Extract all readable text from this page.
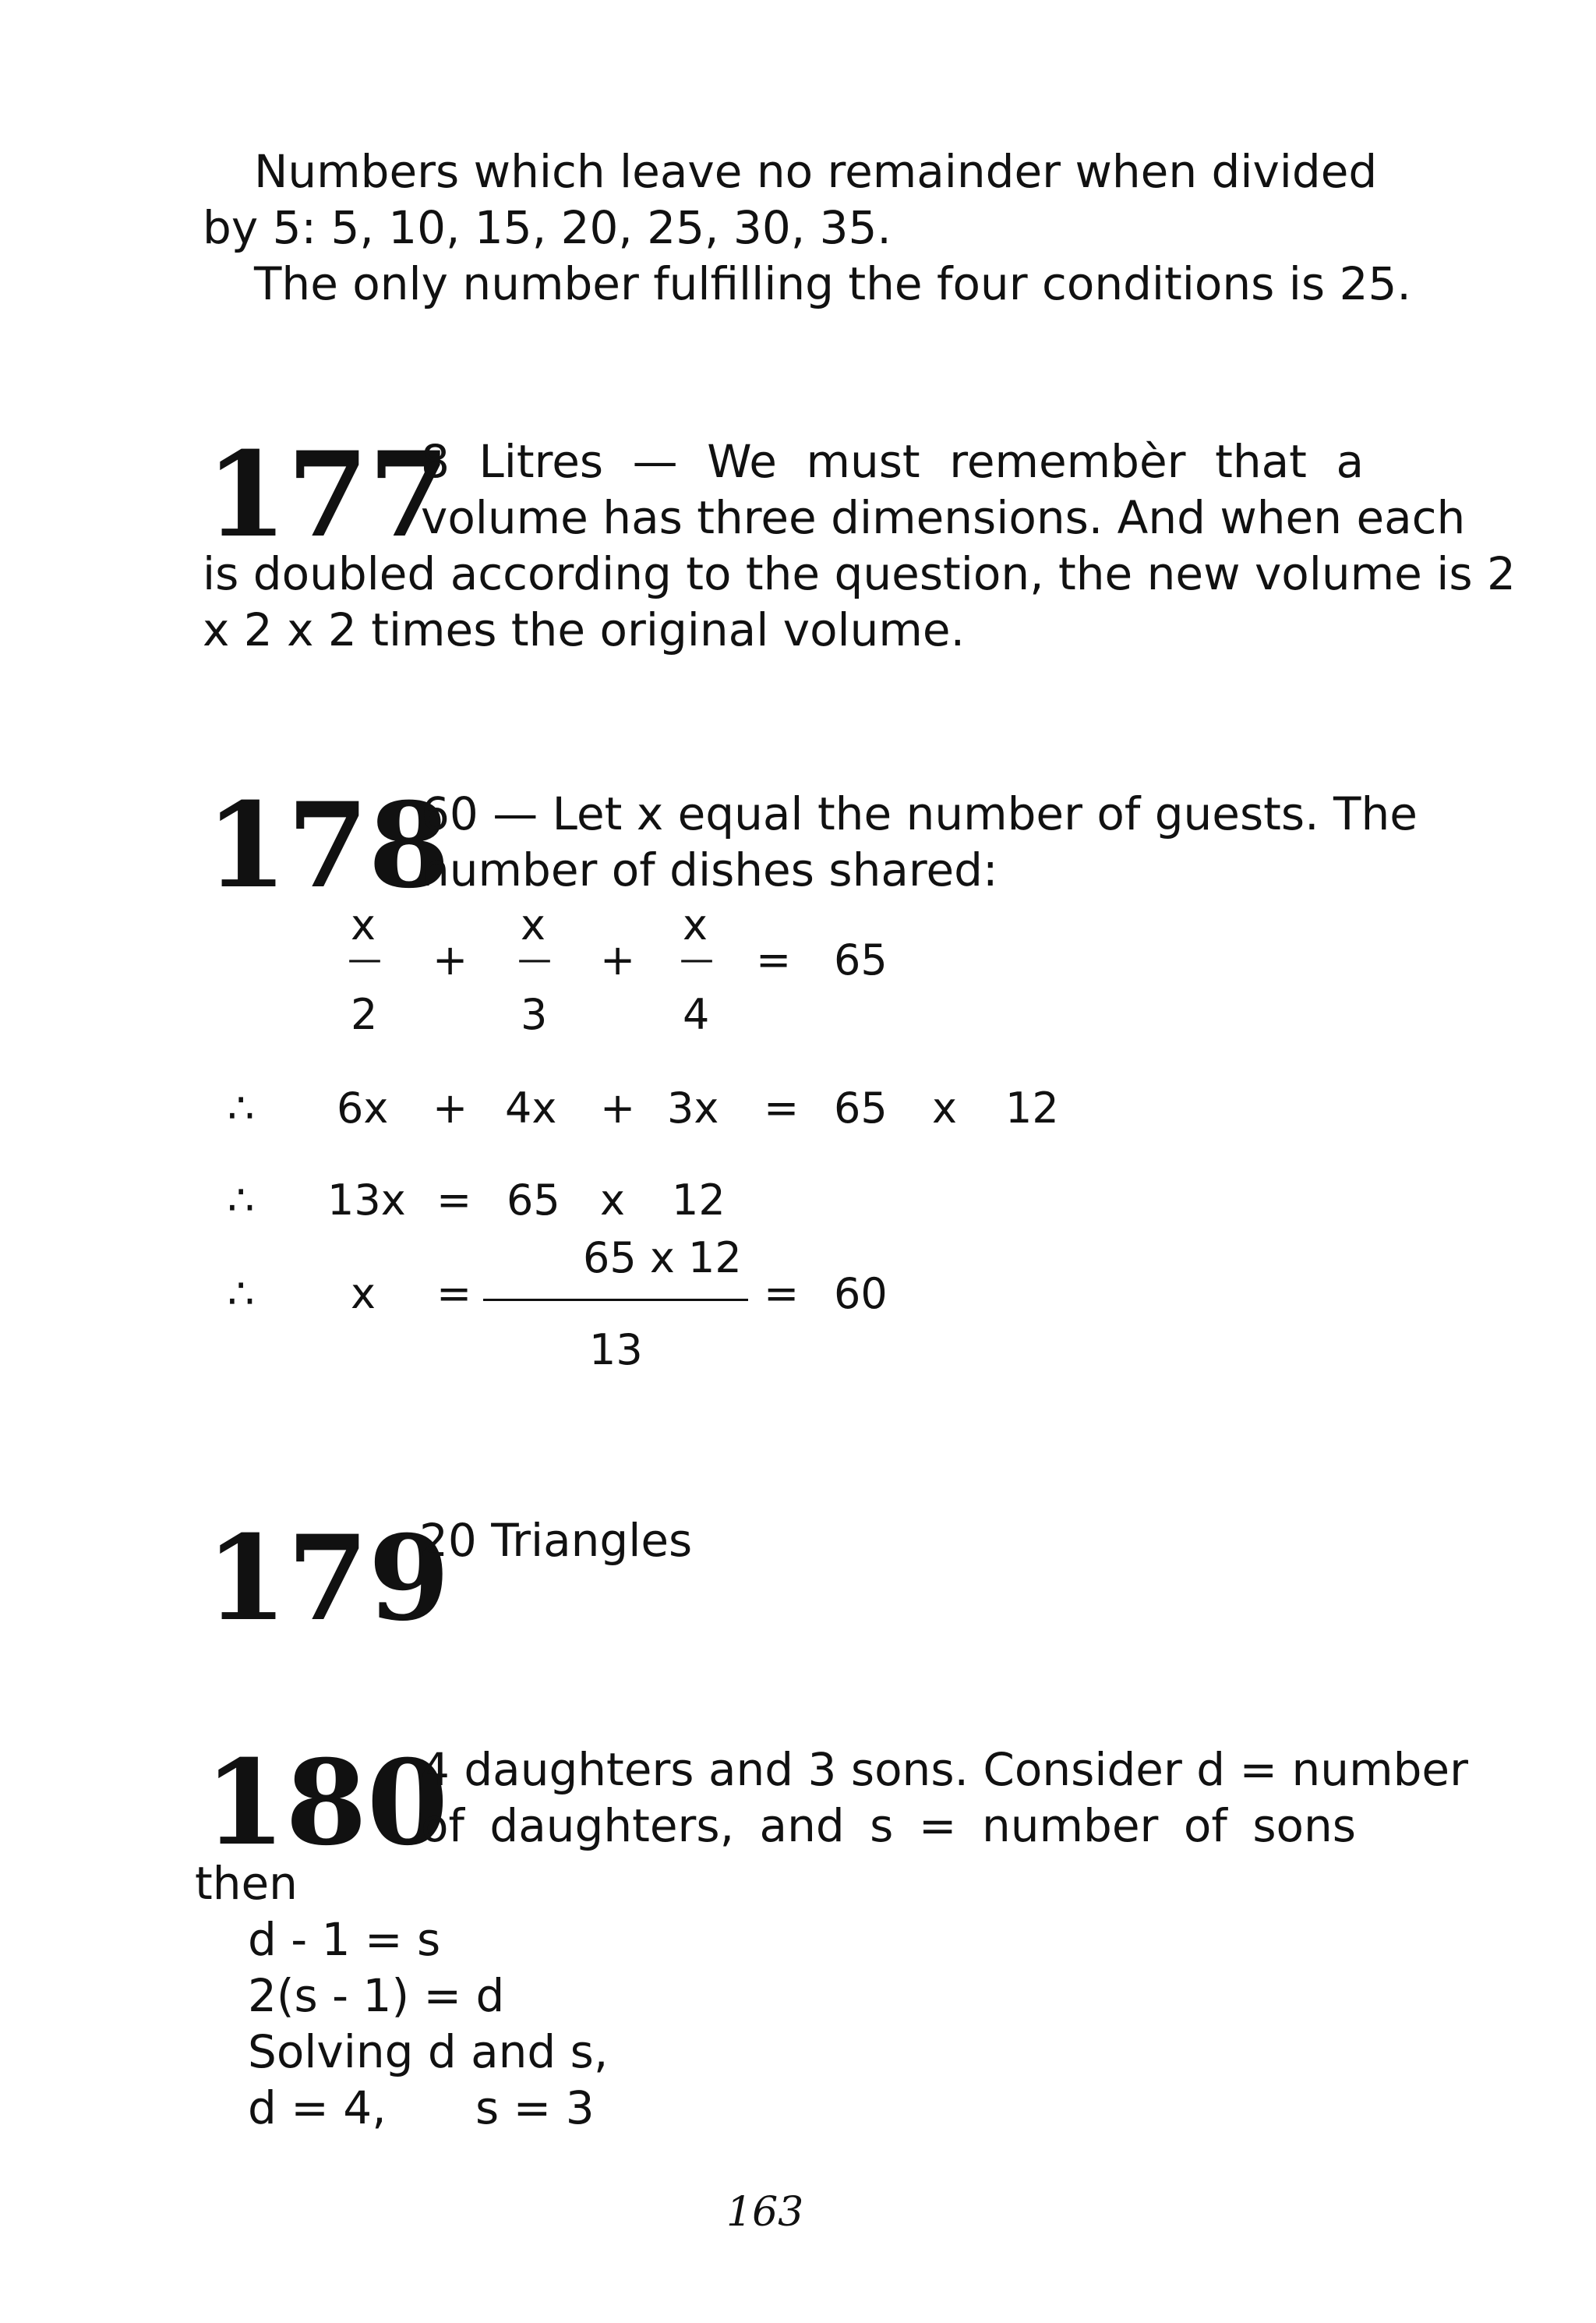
Numbers which leave no remainder when divided
by 5: 5, 10, 15, 20, 25, 30, 35.
The only number fulfilling the four conditions is 25.
177
8 Litres — We must remembèr that a
volume has three dimensions. And when each
is doubled according to the question, the new volume is 2
x 2 x 2 times the original volume.
178
60 — Let x equal the number of guests. The
number of dishes shared:
x
—
2
+
x
—
3
+
x
—
4
= 65
∴ 6x + 4x + 3x = 65 x 12
∴ 13x = 65 x 12
∴ x =
65 x 12
13
= 60
179
20 Triangles
180
4 daughters and 3 sons. Consider d = number
of daughters, and s = number of sons
then
d - 1 = s
2(s - 1) = d
Solving d and s,
d = 4, s = 3
163
